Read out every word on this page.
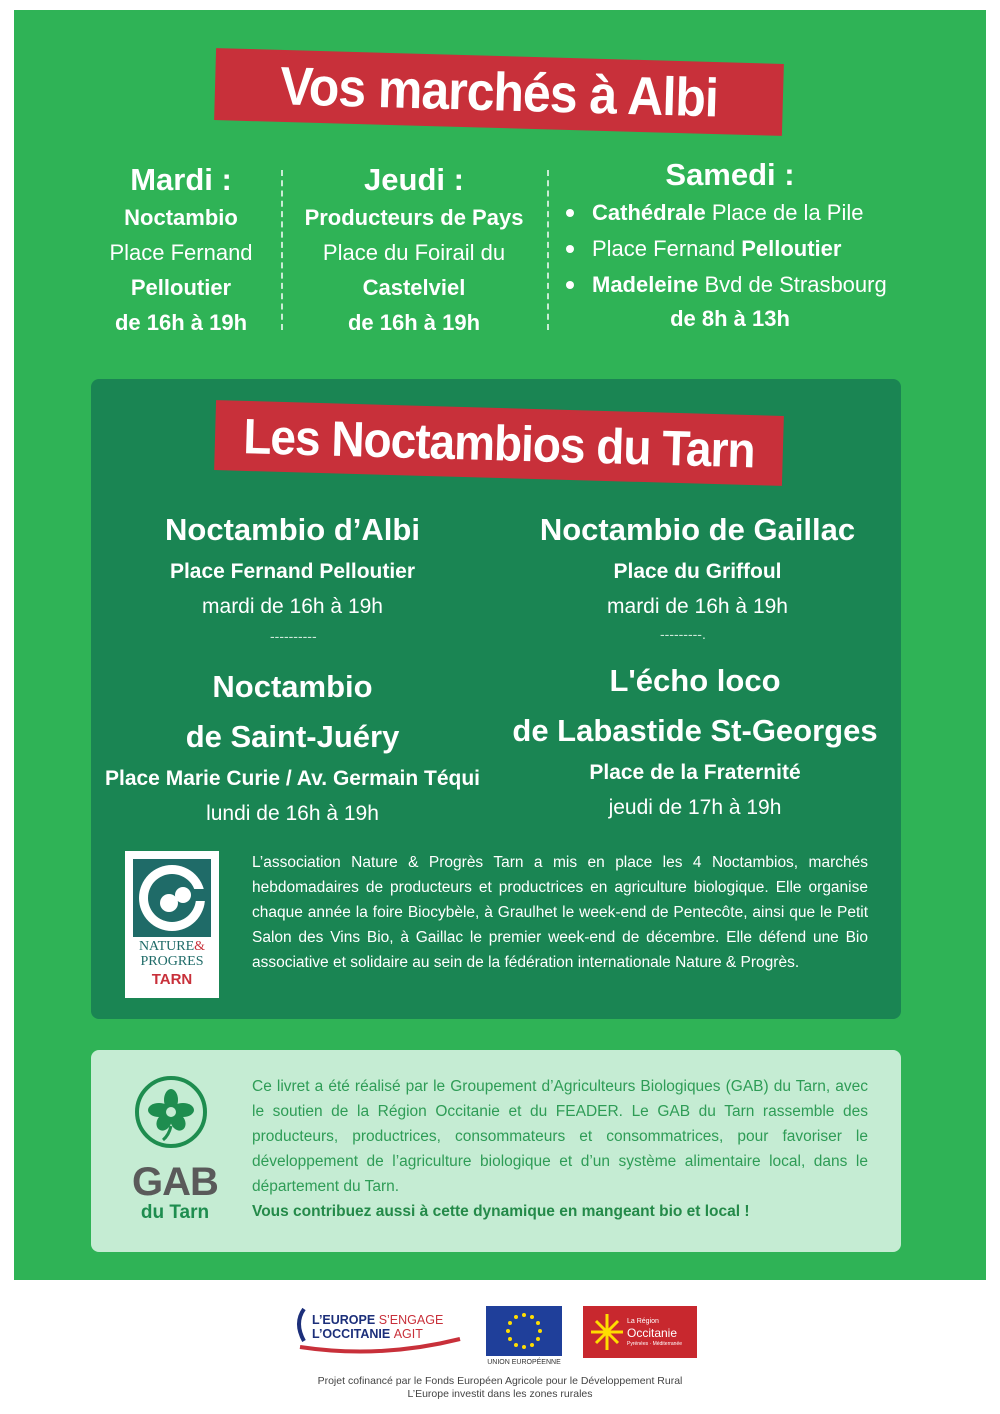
Vos marchés à Albi
Mardi :
Noctambio
Place Fernand
Pelloutier
de 16h à 19h
Jeudi :
Producteurs de Pays
Place du Foirail du
Castelviel
de 16h à 19h
Samedi :
Cathédrale Place de la Pile
Place Fernand Pelloutier
Madeleine Bvd de Strasbourg
de 8h à 13h
Les Noctambios du Tarn
Noctambio d’Albi
Place Fernand Pelloutier
mardi de 16h à 19h
Noctambio de Gaillac
Place du Griffoul
mardi de 16h à 19h
----------	---------.
Noctambio
de Saint-Juéry
Place Marie Curie / Av. Germain Téqui
lundi de 16h à 19h
L'écho loco
de Labastide St-Georges
Place de la Fraternité
jeudi de 17h à 19h
NATURE&
PROGRES
TARN
L’association Nature & Progrès Tarn a mis en place les 4 Noctambios, marchés hebdomadaires de producteurs et productrices en agriculture biologique. Elle organise chaque année la foire Biocybèle, à Graulhet le week-end de Pentecôte, ainsi que le Petit Salon des Vins Bio, à Gaillac le premier week-end de décembre. Elle défend une Bio associative et solidaire au sein de la fédération internationale Nature & Progrès.
GAB
du Tarn
Ce livret a été réalisé par le Groupement d’Agriculteurs Biologiques (GAB) du Tarn, avec le soutien de la Région Occitanie et du FEADER. Le GAB du Tarn rassemble des producteurs, productrices, consommateurs et consommatrices, pour favoriser le développement de l’agriculture biologique et d’un système alimentaire local, dans le département du Tarn.
Vous contribuez aussi à cette dynamique en mangeant bio et local !
L’EUROPE S’ENGAGE
L’OCCITANIE AGIT
UNION EUROPÉENNE
La Région
Occitanie
Pyrénées · Méditerranée
Projet cofinancé par le Fonds Européen Agricole pour le Développement Rural
L’Europe investit dans les zones rurales
